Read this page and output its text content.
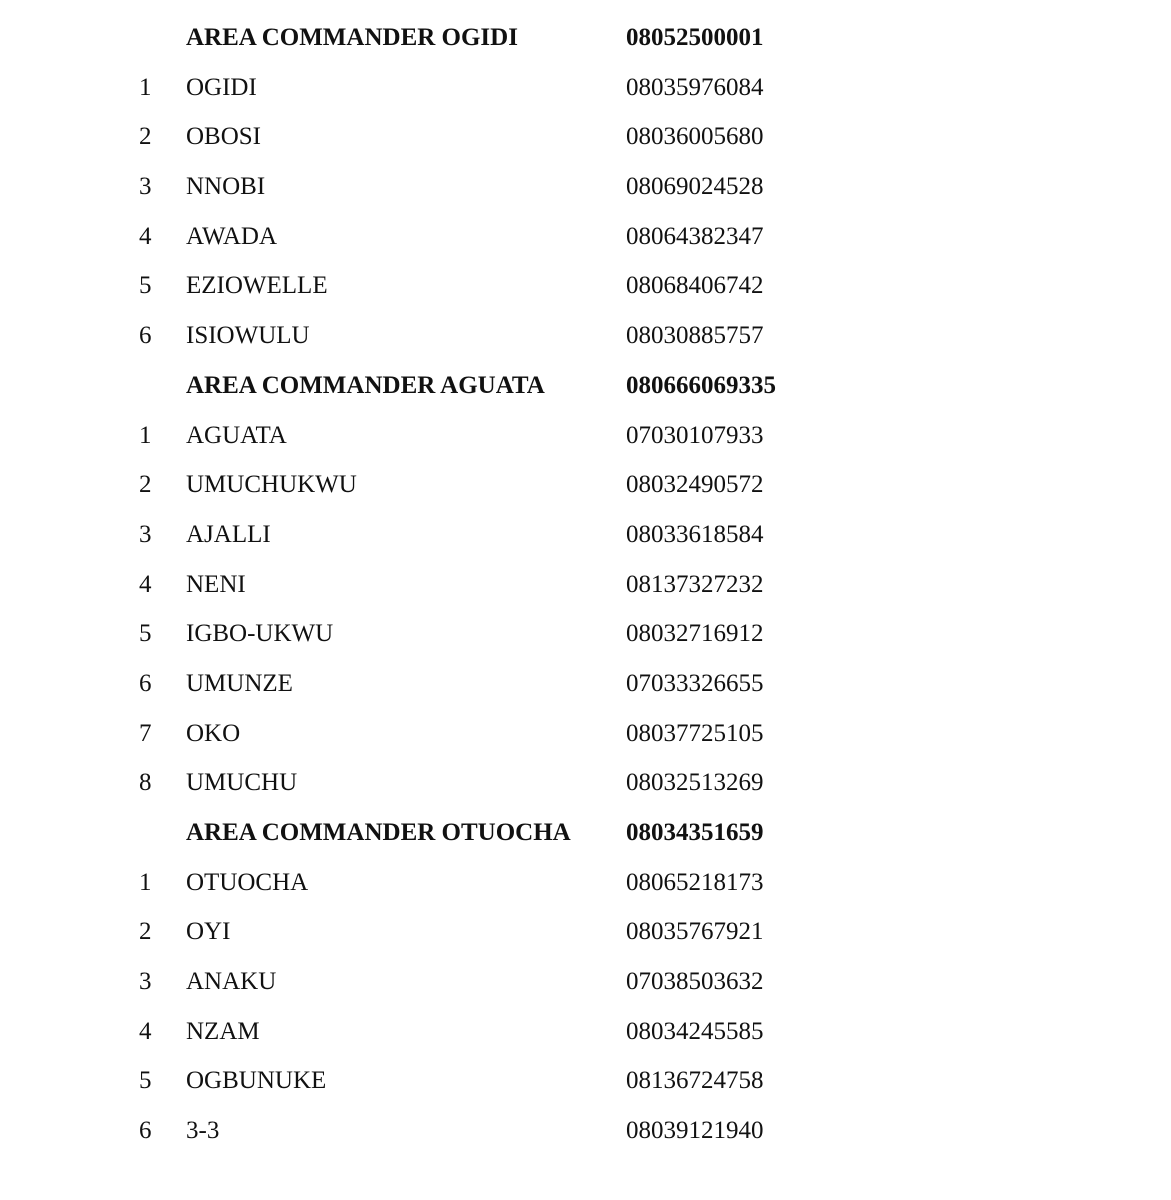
AREA COMMANDER OGIDI	08052500001
1 OGIDI	08035976084
2 OBOSI	08036005680
3 NNOBI	08069024528
4 AWADA	08064382347
5 EZIOWELLE	08068406742
6 ISIOWULU	08030885757
AREA COMMANDER AGUATA	080666069335
1 AGUATA	07030107933
2 UMUCHUKWU	08032490572
3 AJALLI	08033618584
4 NENI	08137327232
5 IGBO-UKWU	08032716912
6 UMUNZE	07033326655
7 OKO	08037725105
8 UMUCHU	08032513269
AREA COMMANDER OTUOCHA 08034351659
1 OTUOCHA	08065218173
2 OYI	08035767921
3 ANAKU	07038503632
4 NZAM	08034245585
5 OGBUNUKE	08136724758
6 3-3	08039121940
